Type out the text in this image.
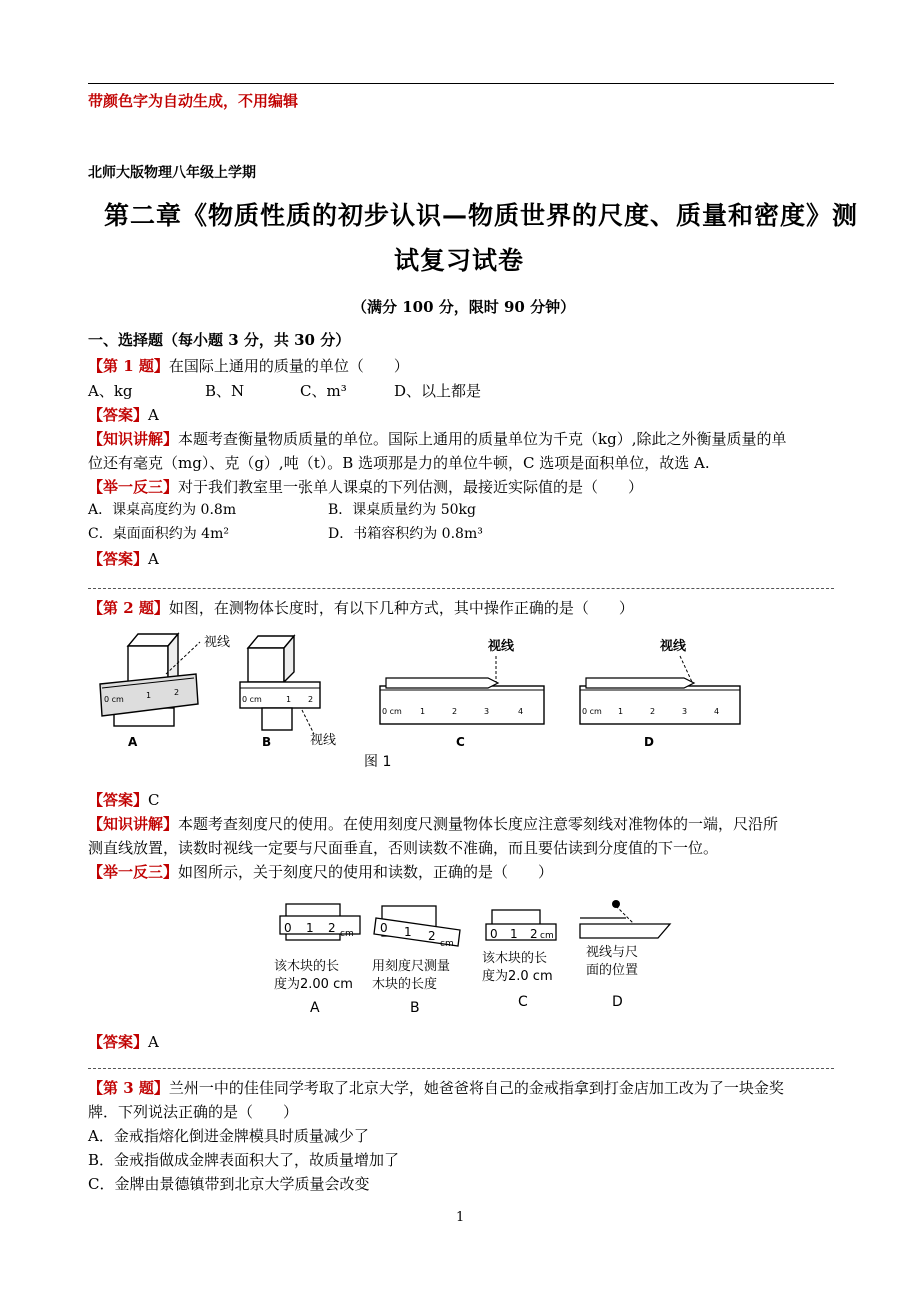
带颜色字为自动生成，不用编辑
北师大版物理八年级上学期
第二章《物质性质的初步认识—物质世界的尺度、质量和密度》测
试复习试卷
（满分 100 分，限时 90 分钟）
一、选择题（每小题 3 分，共 30 分）
【第 1 题】在国际上通用的质量的单位（　　）
A、kg	B、N	C、m³	D、以上都是
【答案】A
【知识讲解】本题考查衡量物质质量的单位。国际上通用的质量单位为千克（kg）,除此之外衡量质量的单
位还有毫克（mg）、克（g）,吨（t）。B 选项那是力的单位牛顿，C 选项是面积单位，故选 A.
【举一反三】对于我们教室里一张单人课桌的下列估测，最接近实际值的是（　　）
A．课桌高度约为 0.8m	B．课桌质量约为 50kg
C．桌面面积约为 4m²	D．书箱容积约为 0.8m³
【答案】A
【第 2 题】如图，在测物体长度时，有以下几种方式，其中操作正确的是（　　）
0 cm	1	2
视线
A
0 cm	1 2
视线
B
0 cm 1	2	3	4
视线
C
0 cm 1	2	3	4
视线
D
图 1
【答案】C
【知识讲解】本题考查刻度尺的使用。在使用刻度尺测量物体长度应注意零刻线对准物体的一端，尺沿所
测直线放置，读数时视线一定要与尺面垂直，否则读数不准确，而且要估读到分度值的下一位。
【举一反三】如图所示，关于刻度尺的使用和读数，正确的是（　　）
0 1 2 cm
该木块的长
度为2.00 cm
A
0 1 2
cm
用刻度尺测量
木块的长度
B
0 1 2 cm
该木块的长
度为2.0 cm
C
视线与尺
面的位置
D
【答案】A
【第 3 题】兰州一中的佳佳同学考取了北京大学，她爸爸将自己的金戒指拿到打金店加工改为了一块金奖
牌．下列说法正确的是（　　）
A．金戒指熔化倒进金牌模具时质量减少了
B．金戒指做成金牌表面积大了，故质量增加了
C．金牌由景德镇带到北京大学质量会改变
1
